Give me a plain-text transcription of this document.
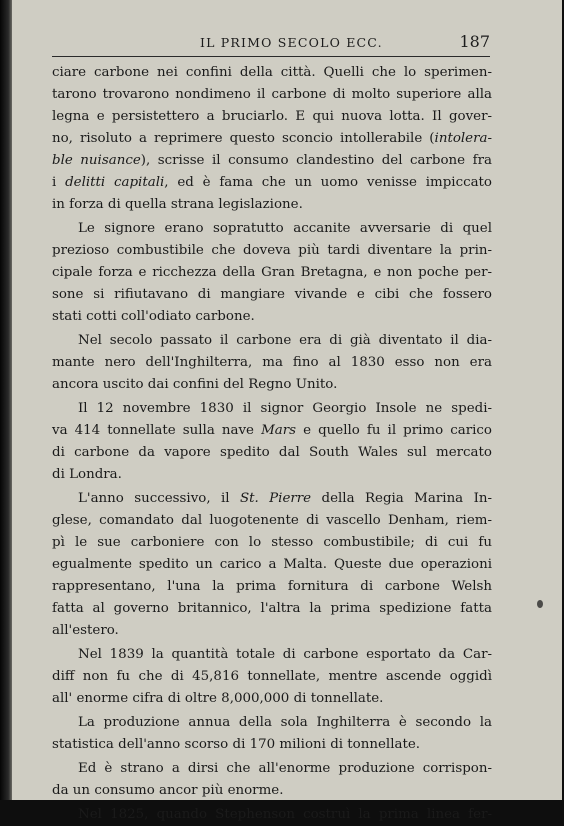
IL PRIMO SECOLO ECC.	187
ciare carbone nei confini della città. Quelli che lo sperimen-
tarono trovarono nondimeno il carbone di molto superiore alla
legna e persistettero a bruciarlo. E qui nuova lotta. Il gover-
no, risoluto a reprimere questo sconcio intollerabile (intolera-
ble nuisance), scrisse il consumo clandestino del carbone fra
i delitti capitali, ed è fama che un uomo venisse impiccato
in forza di quella strana legislazione.
Le signore erano sopratutto accanite avversarie di quel
prezioso combustibile che doveva più tardi diventare la prin-
cipale forza e ricchezza della Gran Bretagna, e non poche per-
sone si rifiutavano di mangiare vivande e cibi che fossero
stati cotti coll'odiato carbone.
Nel secolo passato il carbone era di già diventato il dia-
mante nero dell'Inghilterra, ma fino al 1830 esso non era
ancora uscito dai confini del Regno Unito.
Il 12 novembre 1830 il signor Georgio Insole ne spedi-
va 414 tonnellate sulla nave Mars e quello fu il primo carico
di carbone da vapore spedito dal South Wales sul mercato
di Londra.
L'anno successivo, il St. Pierre della Regia Marina In-
glese, comandato dal luogotenente di vascello Denham, riem-
pì le sue carboniere con lo stesso combustibile; di cui fu
egualmente spedito un carico a Malta. Queste due operazioni
rappresentano, l'una la prima fornitura di carbone Welsh
fatta al governo britannico, l'altra la prima spedizione fatta
all'estero.
Nel 1839 la quantità totale di carbone esportato da Car-
diff non fu che di 45,816 tonnellate, mentre ascende oggidì
all' enorme cifra di oltre 8,000,000 di tonnellate.
La produzione annua della sola Inghilterra è secondo la
statistica dell'anno scorso di 170 milioni di tonnellate.
Ed è strano a dirsi che all'enorme produzione corrispon-
da un consumo ancor più enorme.
Nel 1825, quando Stephenson costruì la prima linea fer-
